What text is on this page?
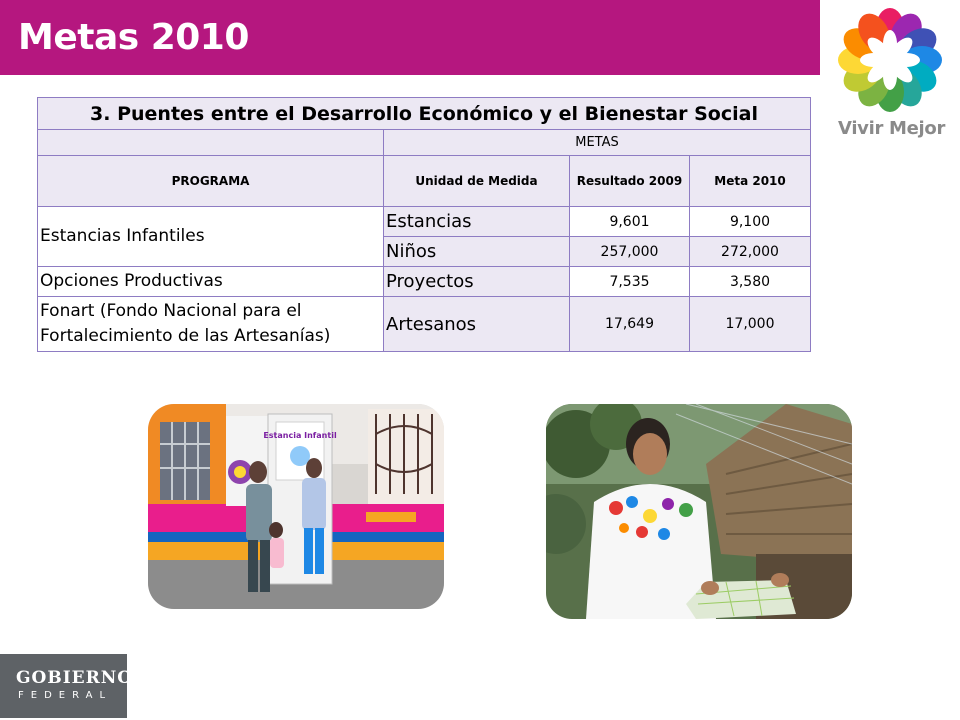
Metas 2010
Vivir Mejor
3. Puentes entre el Desarrollo Económico y el Bienestar Social			
	METAS		
PROGRAMA	Unidad de Medida	Resultado 2009	Meta 2010
Estancias Infantiles	Estancias	9,601	9,100
	Niños	257,000	272,000
Opciones Productivas	Proyectos	7,535	3,580
Fonart (Fondo Nacional para el Fortalecimiento de las Artesanías)	Artesanos	17,649	17,000
Estancia Infantil
GOBIERNO
FEDERAL
